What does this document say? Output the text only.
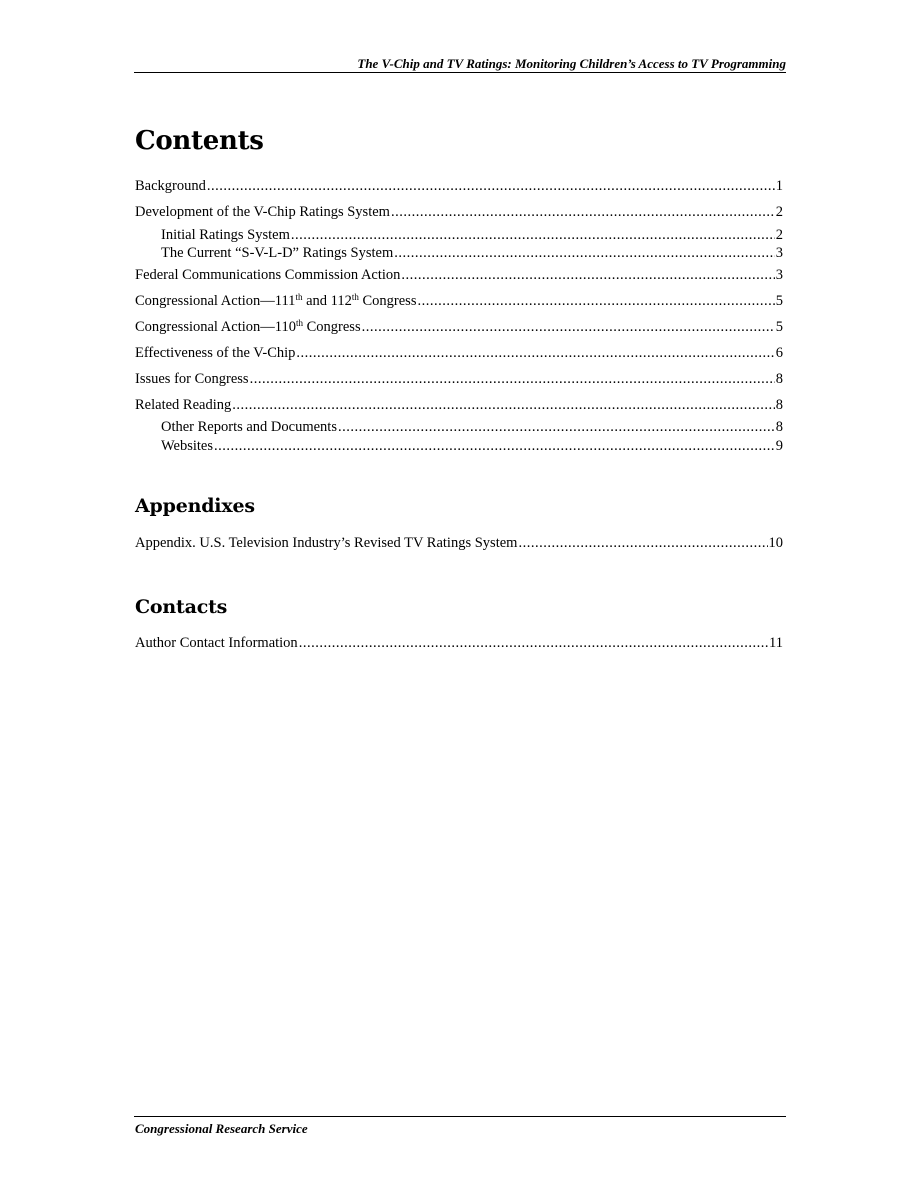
The V-Chip and TV Ratings: Monitoring Children’s Access to TV Programming
Contents
Background .....	1
Development of the V-Chip Ratings System .....	2
Initial Ratings System .....	2
The Current “S-V-L-D” Ratings System .....	3
Federal Communications Commission Action .....	3
Congressional Action—111th and 112th Congress .....	5
Congressional Action—110th Congress .....	5
Effectiveness of the V-Chip .....	6
Issues for Congress .....	8
Related Reading .....	8
Other Reports and Documents .....	8
Websites .....	9
Appendixes
Appendix. U.S. Television Industry’s Revised TV Ratings System .....	10
Contacts
Author Contact Information .....	11
Congressional Research Service
